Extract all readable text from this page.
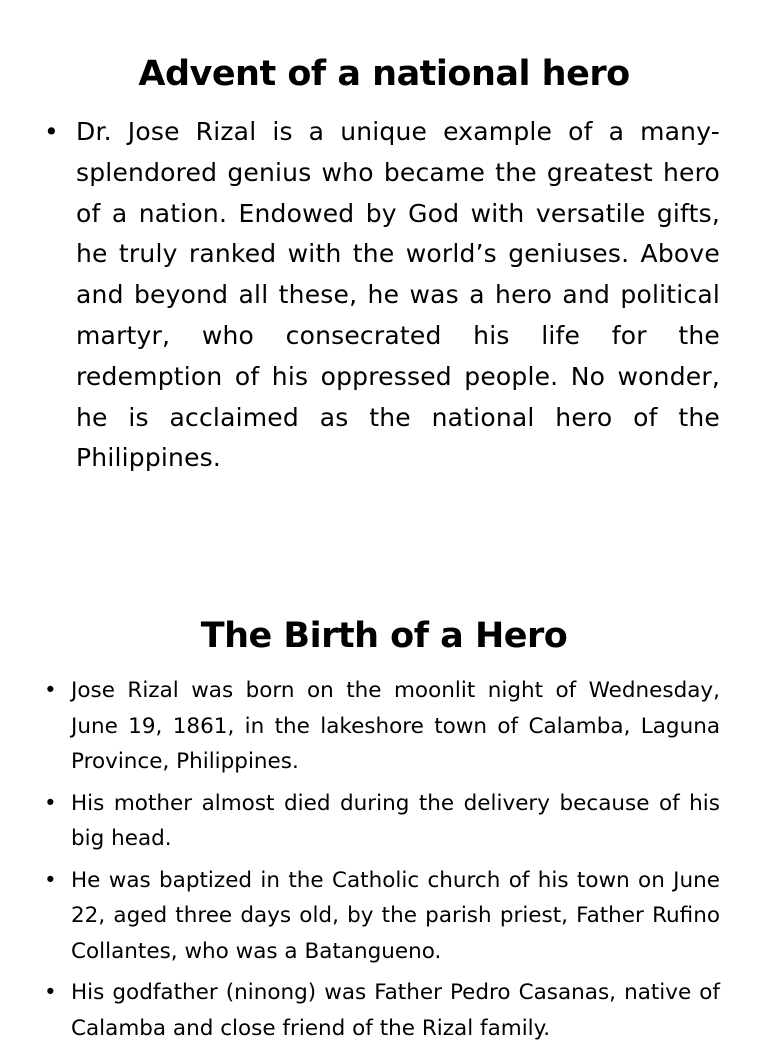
Advent of a national hero
• Dr. Jose Rizal is a unique example of a many-splendored genius who became the greatest hero of a nation. Endowed by God with versatile gifts, he truly ranked with the world’s geniuses. Above and beyond all these, he was a hero and political martyr, who consecrated his life for the redemption of his oppressed people. No wonder, he is acclaimed as the national hero of the Philippines.
The Birth of a Hero
• Jose Rizal was born on the moonlit night of Wednesday, June 19, 1861, in the lakeshore town of Calamba, Laguna Province, Philippines.
• His mother almost died during the delivery because of his big head.
• He was baptized in the Catholic church of his town on June 22, aged three days old, by the parish priest, Father Rufino Collantes, who was a Batangueno.
• His godfather (ninong) was Father Pedro Casanas, native of Calamba and close friend of the Rizal family.
